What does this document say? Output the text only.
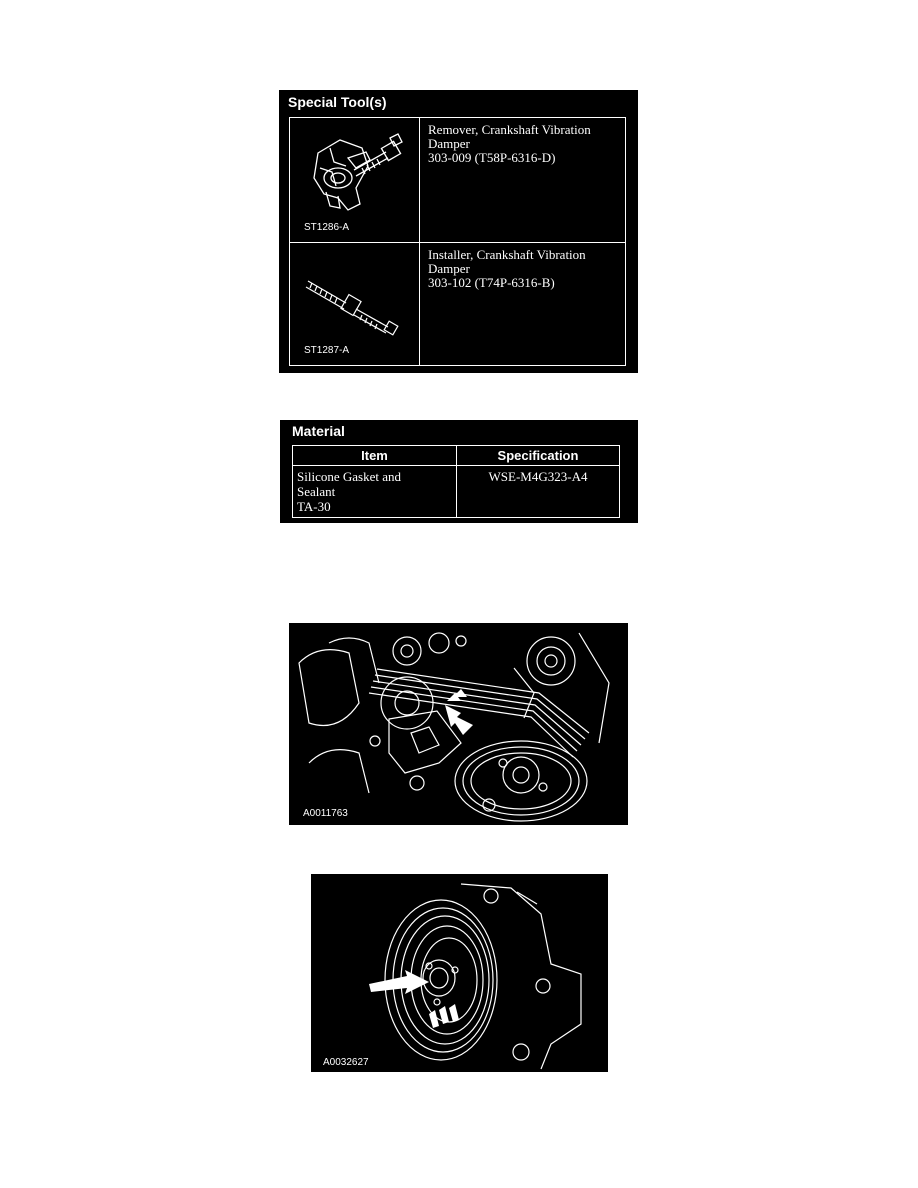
Special Tool(s)
ST1286-A
Remover, Crankshaft Vibration
Damper
303-009 (T58P-6316-D)
ST1287-A
Installer, Crankshaft Vibration
Damper
303-102 (T74P-6316-B)
Material
Item	Specification
Silicone Gasket and
Sealant
TA-30
WSE-M4G323-A4
A0011763
A0032627
